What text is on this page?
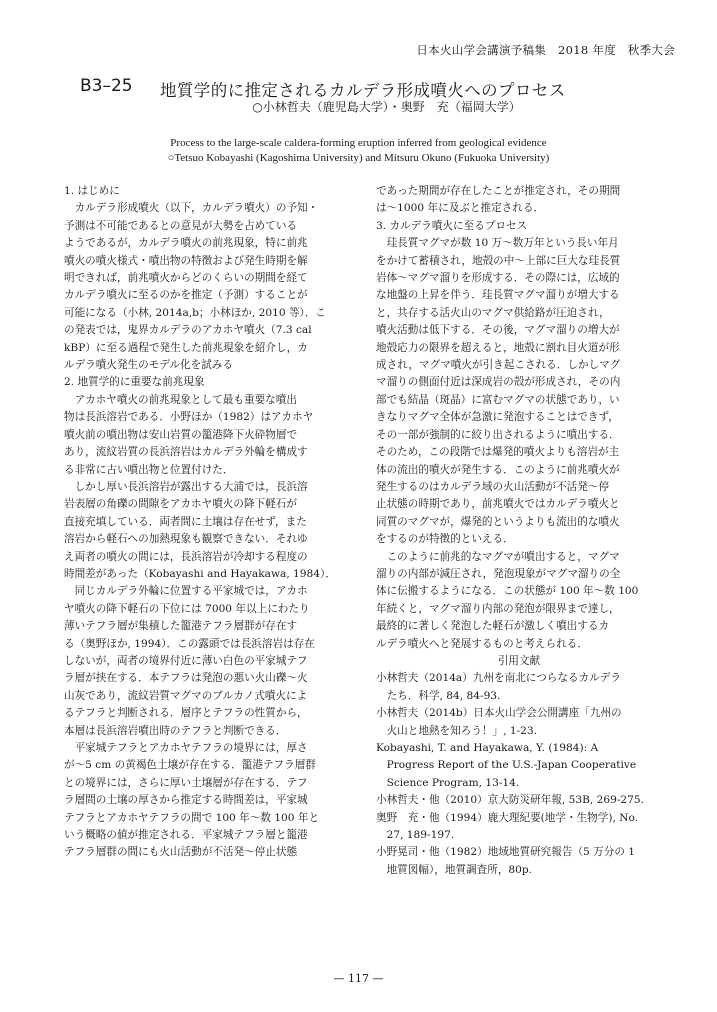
日本火山学会講演予稿集　2018 年度　秋季大会
B3–25 地質学的に推定されるカルデラ形成噴火へのプロセス
○小林哲夫（鹿児島大学）・奥野　充（福岡大学）
Process to the large-scale caldera-forming eruption inferred from geological evidence
○Tetsuo Kobayashi (Kagoshima University) and Mitsuru Okuno (Fukuoka University)
1. はじめに
　カルデラ形成噴火（以下，カルデラ噴火）の予知・
予測は不可能であるとの意見が大勢を占めている
ようであるが，カルデラ噴火の前兆現象，特に前兆
噴火の噴火様式・噴出物の特徴および発生時期を解
明できれば，前兆噴火からどのくらいの期間を経て
カルデラ噴火に至るのかを推定（予測）することが
可能になる（小林, 2014a,b；小林ほか, 2010 等）．こ
の発表では，鬼界カルデラのアカホヤ噴火（7.3 cal
kBP）に至る過程で発生した前兆現象を紹介し，カ
ルデラ噴火発生のモデル化を試みる
2. 地質学的に重要な前兆現象
　アカホヤ噴火の前兆現象として最も重要な噴出
物は長浜溶岩である．小野ほか（1982）はアカホヤ
噴火前の噴出物は安山岩質の籠港降下火砕物層で
あり，流紋岩質の長浜溶岩はカルデラ外輪を構成す
る非常に古い噴出物と位置付けた．
　しかし厚い長浜溶岩が露出する大浦では，長浜溶
岩表層の角礫の間隙をアカホヤ噴火の降下軽石が
直接充填している．両者間に土壌は存在せず，また
溶岩から軽石への加熱現象も観察できない．それゆ
え両者の噴火の間には，長浜溶岩が冷却する程度の
時間差があった（Kobayashi and Hayakawa, 1984）．
　同じカルデラ外輪に位置する平家城では，アカホ
ヤ噴火の降下軽石の下位には 7000 年以上にわたり
薄いテフラ層が集積した籠港テフラ層群が存在す
る（奥野ほか, 1994）．この露頭では長浜溶岩は存在
しないが，両者の境界付近に薄い白色の平家城テフ
ラ層が挟在する．本テフラは発泡の悪い火山礫～火
山灰であり，流紋岩質マグマのブルカノ式噴火によ
るテフラと判断される．層序とテフラの性質から，
本層は長浜溶岩噴出時のテフラと判断できる．
　平家城テフラとアカホヤテフラの境界には，厚さ
が～5 cm の黄褐色土壌が存在する．籠港テフラ層群
との境界には，さらに厚い土壌層が存在する．テフ
ラ層間の土壌の厚さから推定する時間差は，平家城
テフラとアカホヤテフラの間で 100 年～数 100 年と
いう概略の値が推定される．平家城テフラ層と籠港
テフラ層群の間にも火山活動が不活発～停止状態
であった期間が存在したことが推定され，その期間
は～1000 年に及ぶと推定される．
3. カルデラ噴火に至るプロセス
　珪長質マグマが数 10 万～数万年という長い年月
をかけて蓄積され，地殻の中～上部に巨大な珪長質
岩体～マグマ溜りを形成する．その際には，広域的
な地盤の上昇を伴う．珪長質マグマ溜りが増大する
と，共存する活火山のマグマ供給路が圧迫され，
噴火活動は低下する．その後，マグマ溜りの増大が
地殻応力の限界を超えると，地殻に割れ目火道が形
成され，マグマ噴火が引き起こされる．しかしマグ
マ溜りの側面付近は深成岩の殻が形成され，その内
部でも結晶（斑晶）に富むマグマの状態であり，い
きなりマグマ全体が急激に発泡することはできず，
その一部が強制的に絞り出されるように噴出する．
そのため，この段階では爆発的噴火よりも溶岩が主
体の流出的噴火が発生する．このように前兆噴火が
発生するのはカルデラ域の火山活動が不活発～停
止状態の時期であり，前兆噴火ではカルデラ噴火と
同質のマグマが，爆発的というよりも流出的な噴火
をするのが特徴的といえる．
　このように前兆的なマグマが噴出すると，マグマ
溜りの内部が減圧され，発泡現象がマグマ溜りの全
体に伝搬するようになる．この状態が 100 年～数 100
年続くと，マグマ溜り内部の発泡が限界まで達し，
最終的に著しく発泡した軽石が激しく噴出するカ
ルデラ噴火へと発展するものと考えられる．
引用文献
小林哲夫（2014a）九州を南北につらなるカルデラ
　たち．科学, 84, 84-93.
小林哲夫（2014b）日本火山学会公開講座「九州の
　火山と地熱を知ろう！」, 1-23.
Kobayashi, T. and Hayakawa, Y. (1984): A
　Progress Report of the U.S.-Japan Cooperative
　Science Program, 13-14.
小林哲夫・他（2010）京大防災研年報, 53B, 269-275.
奥野　充・他（1994）鹿大理紀要(地学・生物学), No.
　27, 189-197.
小野晃司・他（1982）地域地質研究報告（5 万分の 1
　地質図幅），地質調査所，80p.
— 117 —
